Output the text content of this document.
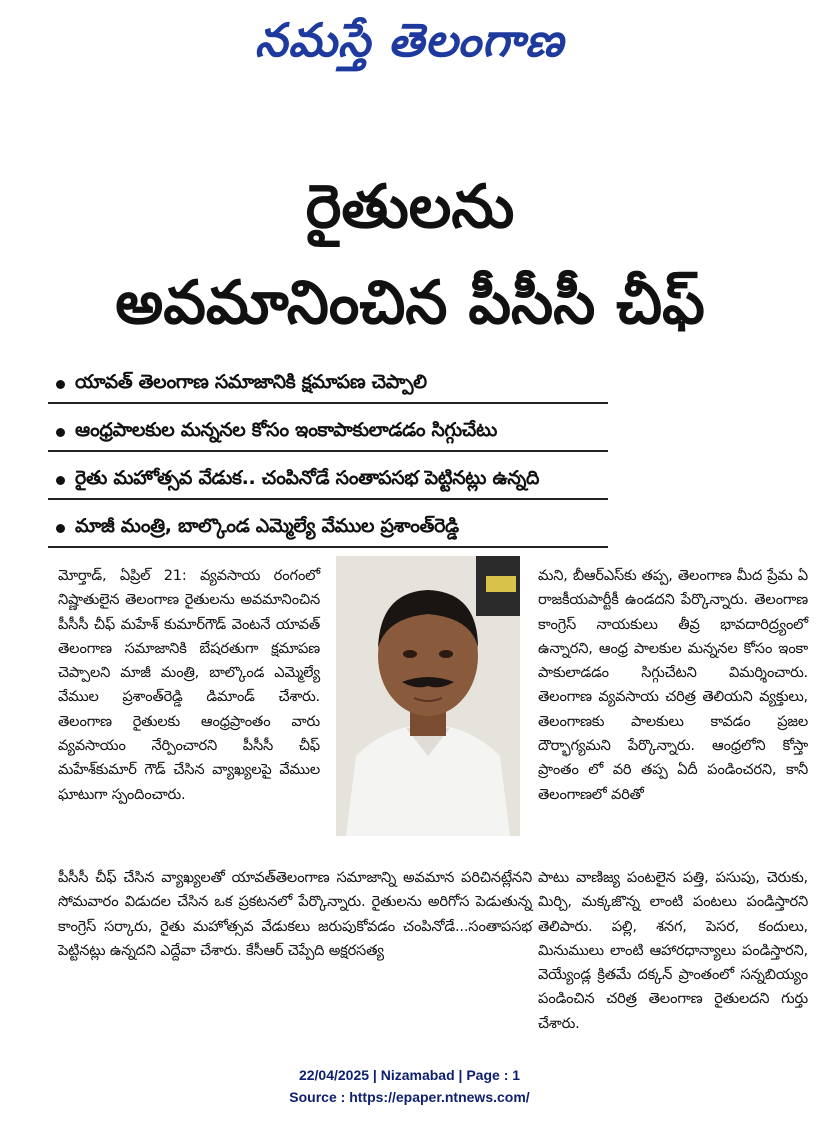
నమస్తే తెలంగాణ
రైతులను
అవమానించిన పీసీసీ చీఫ్
యావత్ తెలంగాణ సమాజానికి క్షమాపణ చెప్పాలి
ఆంధ్రపాలకుల మన్ననల కోసం ఇంకాపాకులాడడం సిగ్గుచేటు
రైతు మహోత్సవ వేడుక.. చంపినోడే సంతాపసభ పెట్టినట్లు ఉన్నది
మాజీ మంత్రి, బాల్కొండ ఎమ్మెల్యే వేముల ప్రశాంత్‌రెడ్డి

మోర్తాడ్, ఏప్రిల్ 21: వ్యవసాయ రంగంలో నిష్ణాతులైన తెలంగాణ రైతులను అవమానించిన పీసీసీ చీఫ్ మహేశ్ కుమార్‌గౌడ్ వెంటనే యావత్ తెలంగాణ సమాజానికి బేషరతుగా క్షమాపణ చెప్పాలని మాజీ మంత్రి, బాల్కొండ ఎమ్మెల్యే వేముల ప్రశాంత్‌రెడ్డి డిమాండ్ చేశారు. తెలంగాణ రైతులకు ఆంధ్రప్రాంతం వారు వ్యవసాయం నేర్పించారని పీసీసీ చీఫ్ మహేశ్‌కుమార్ గౌడ్ చేసిన వ్యాఖ్యలపై వేముల ఘాటుగా స్పందించారు.

పీసీసీ చీఫ్ చేసిన వ్యాఖ్యలతో యావత్‌తెలంగాణ సమాజాన్ని అవమాన పరిచినట్లేనని సోమవారం విడుదల చేసిన ఒక ప్రకటనలో పేర్కొన్నారు. రైతులను అరిగోస పెడుతున్న కాంగ్రెస్ సర్కారు, రైతు మహోత్సవ వేడుకలు జరుపుకోవడం చంపినోడే...సంతాపసభ పెట్టినట్లు ఉన్నదని ఎద్దేవా చేశారు. కేసీఆర్ చెప్పేది అక్షరసత్య

మని, బీఆర్‌ఎస్‌కు తప్ప, తెలంగాణ మీద ప్రేమ ఏ రాజకీయపార్టీకీ ఉండదని పేర్కొన్నారు. తెలంగాణ కాంగ్రెస్ నాయకులు తీవ్ర భావదారిద్ర్యంలో ఉన్నారని, ఆంధ్ర పాలకుల మన్ననల కోసం ఇంకా పాకులాడడం సిగ్గుచేటని విమర్శించారు. తెలంగాణ వ్యవసాయ చరిత్ర తెలియని వ్యక్తులు, తెలంగాణకు పాలకులు కావడం ప్రజల దౌర్భాగ్యమని పేర్కొన్నారు. ఆంధ్రలోని కోస్తా ప్రాంతం లో వరి తప్ప ఏదీ పండించరని, కానీ తెలంగాణలో వరితో

పాటు వాణిజ్య పంటలైన పత్తి, పసుపు, చెరుకు, మిర్చి, మక్కజొన్న లాంటి పంటలు పండిస్తారని తెలిపారు. పల్లి, శనగ, పెసర, కందులు, మినుములు లాంటి ఆహారధాన్యాలు పండిస్తారని, వెయ్యేండ్ల క్రితమే దక్కన్ ప్రాంతంలో సన్నబియ్యం పండించిన చరిత్ర తెలంగాణ రైతులదని గుర్తు చేశారు.

22/04/2025 | Nizamabad | Page : 1
Source : https://epaper.ntnews.com/
